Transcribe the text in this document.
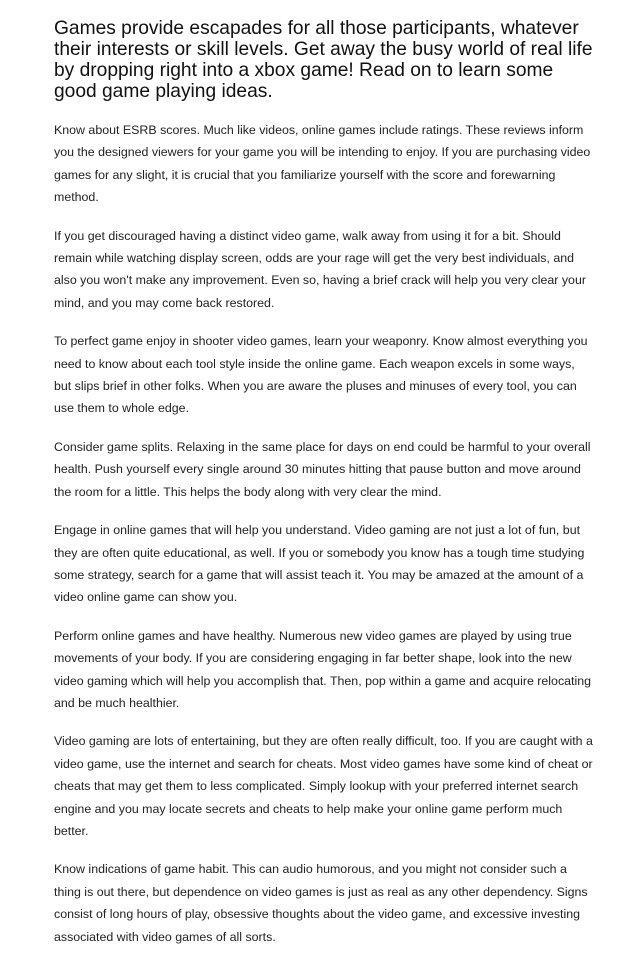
Games provide escapades for all those participants, whatever their interests or skill levels. Get away the busy world of real life by dropping right into a xbox game! Read on to learn some good game playing ideas.

Know about ESRB scores. Much like videos, online games include ratings. These reviews inform you the designed viewers for your game you will be intending to enjoy. If you are purchasing video games for any slight, it is crucial that you familiarize yourself with the score and forewarning method.

If you get discouraged having a distinct video game, walk away from using it for a bit. Should remain while watching display screen, odds are your rage will get the very best individuals, and also you won't make any improvement. Even so, having a brief crack will help you very clear your mind, and you may come back restored.

To perfect game enjoy in shooter video games, learn your weaponry. Know almost everything you need to know about each tool style inside the online game. Each weapon excels in some ways, but slips brief in other folks. When you are aware the pluses and minuses of every tool, you can use them to whole edge.

Consider game splits. Relaxing in the same place for days on end could be harmful to your overall health. Push yourself every single around 30 minutes hitting that pause button and move around the room for a little. This helps the body along with very clear the mind.

Engage in online games that will help you understand. Video gaming are not just a lot of fun, but they are often quite educational, as well. If you or somebody you know has a tough time studying some strategy, search for a game that will assist teach it. You may be amazed at the amount of a video online game can show you.

Perform online games and have healthy. Numerous new video games are played by using true movements of your body. If you are considering engaging in far better shape, look into the new video gaming which will help you accomplish that. Then, pop within a game and acquire relocating and be much healthier.

Video gaming are lots of entertaining, but they are often really difficult, too. If you are caught with a video game, use the internet and search for cheats. Most video games have some kind of cheat or cheats that may get them to less complicated. Simply lookup with your preferred internet search engine and you may locate secrets and cheats to help make your online game perform much better.

Know indications of game habit. This can audio humorous, and you might not consider such a thing is out there, but dependence on video games is just as real as any other dependency. Signs consist of long hours of play, obsessive thoughts about the video game, and excessive investing associated with video games of all sorts.
